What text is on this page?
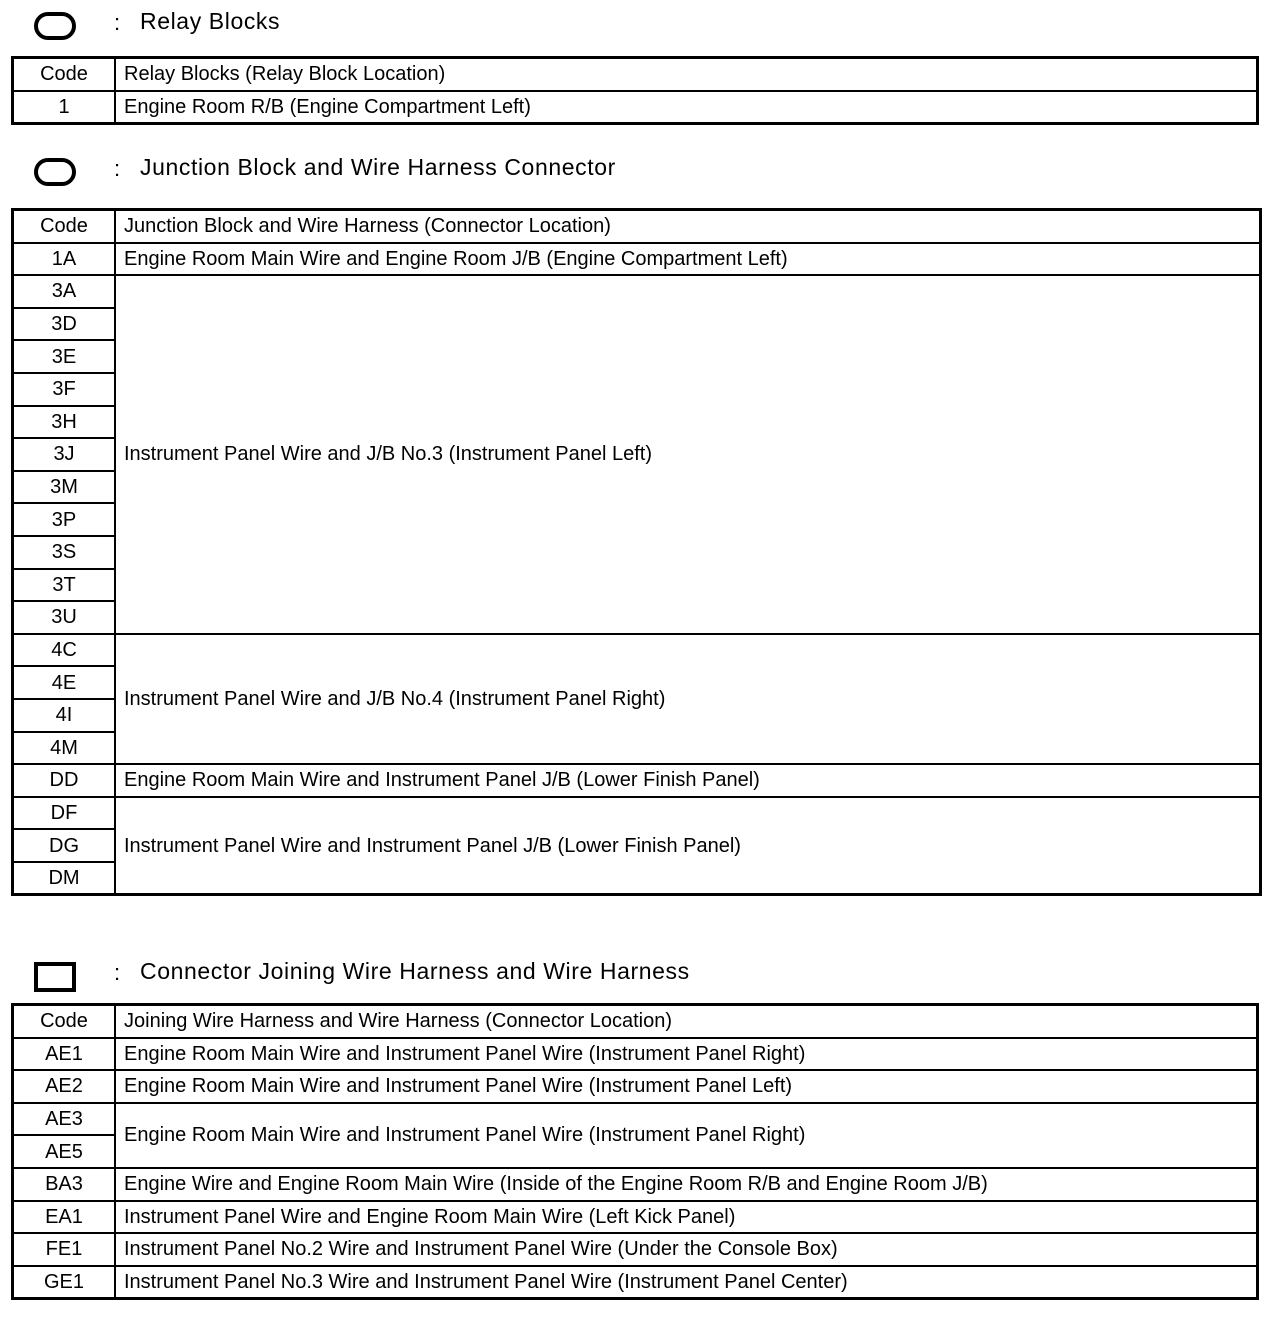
: Relay Blocks
Code	Relay Blocks (Relay Block Location)
1	Engine Room R/B (Engine Compartment Left)
: Junction Block and Wire Harness Connector
Code	Junction Block and Wire Harness (Connector Location)
1A	Engine Room Main Wire and Engine Room J/B (Engine Compartment Left)
3A	Instrument Panel Wire and J/B No.3 (Instrument Panel Left)
3D	
3E	
3F	
3H	
3J	
3M	
3P	
3S	
3T	
3U	
4C	Instrument Panel Wire and J/B No.4 (Instrument Panel Right)
4E	
4I	
4M	
DD	Engine Room Main Wire and Instrument Panel J/B (Lower Finish Panel)
DF	Instrument Panel Wire and Instrument Panel J/B (Lower Finish Panel)
DG	
DM	
: Connector Joining Wire Harness and Wire Harness
Code	Joining Wire Harness and Wire Harness (Connector Location)
AE1	Engine Room Main Wire and Instrument Panel Wire (Instrument Panel Right)
AE2	Engine Room Main Wire and Instrument Panel Wire (Instrument Panel Left)
AE3	Engine Room Main Wire and Instrument Panel Wire (Instrument Panel Right)
AE5	
BA3	Engine Wire and Engine Room Main Wire (Inside of the Engine Room R/B and Engine Room J/B)
EA1	Instrument Panel Wire and Engine Room Main Wire (Left Kick Panel)
FE1	Instrument Panel No.2 Wire and Instrument Panel Wire (Under the Console Box)
GE1	Instrument Panel No.3 Wire and Instrument Panel Wire (Instrument Panel Center)
